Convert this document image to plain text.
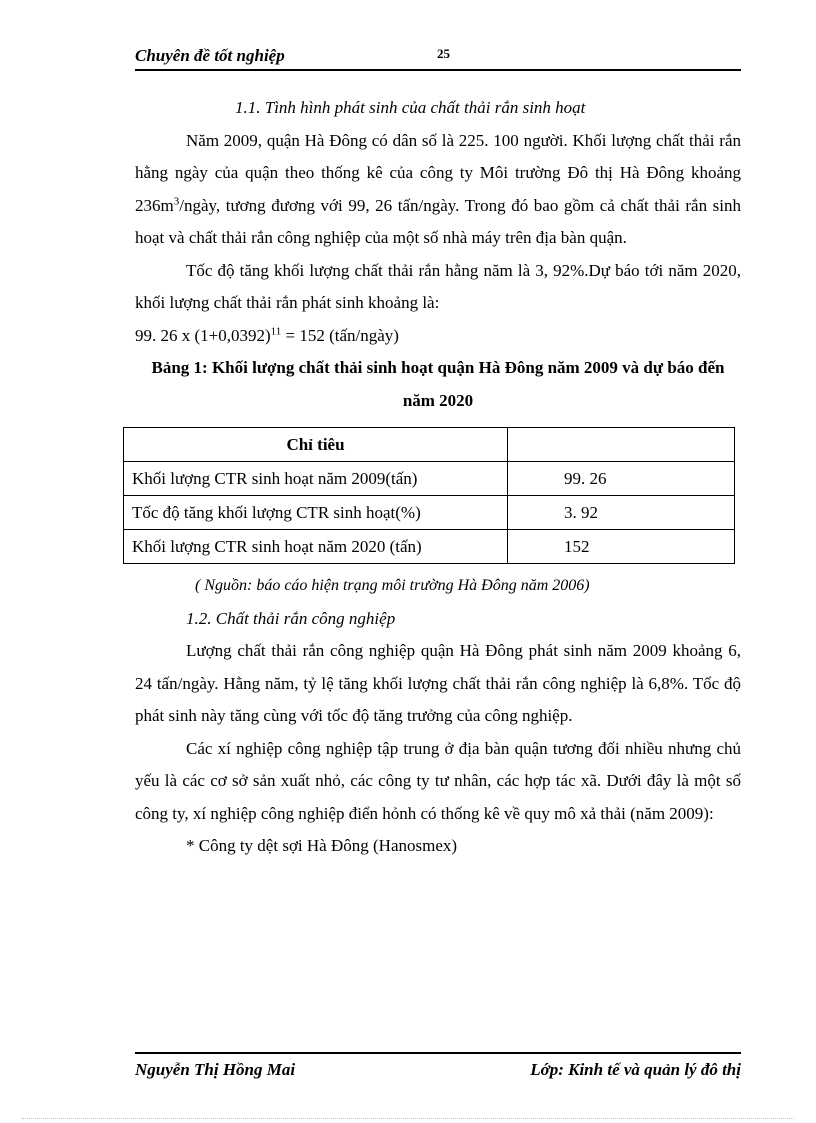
Chuyên đề tốt nghiệp	25

1.1. Tình hình phát sinh của chất thải rắn sinh hoạt

Năm 2009, quận Hà Đông có dân số là 225. 100 người. Khối lượng chất thải rắn hằng ngày của quận theo thống kê của công ty Môi trường Đô thị Hà Đông khoảng $236m^3$/ngày, tương đương với 99, 26 tấn/ngày. Trong đó bao gồm cả chất thải rắn sinh hoạt và chất thải rắn công nghiệp của một số nhà máy trên địa bàn quận.

Tốc độ tăng khối lượng chất thải rắn hằng năm là 3, 92%.Dự báo tới năm 2020, khối lượng chất thải rắn phát sinh khoảng là:

99. 26 x $(1+0,0392)^{11} = 152$ (tấn/ngày)

Bảng 1: Khối lượng chất thải sinh hoạt quận Hà Đông năm 2009 và dự báo đến năm 2020

Chỉ tiêu	
Khối lượng CTR sinh hoạt năm 2009(tấn)	99. 26
Tốc độ tăng khối lượng CTR sinh hoạt(%)	3. 92
Khối lượng CTR sinh hoạt năm 2020 (tấn)	152

( Nguồn: báo cáo hiện trạng môi trường Hà Đông năm 2006)

1.2. Chất thải rắn công nghiệp

Lượng chất thải rắn công nghiệp quận Hà Đông phát sinh năm 2009 khoảng 6, 24 tấn/ngày. Hằng năm, tỷ lệ tăng khối lượng chất thải rắn công nghiệp là 6,8%. Tốc độ phát sinh này tăng cùng với tốc độ tăng trưởng của công nghiệp.

Các xí nghiệp công nghiệp tập trung ở địa bàn quận tương đối nhiều nhưng chủ yếu là các cơ sở sản xuất nhỏ, các công ty tư nhân, các hợp tác xã. Dưới đây là một số công ty, xí nghiệp công nghiệp điển hỏnh có thống kê về quy mô xả thải (năm 2009):

* Công ty dệt sợi Hà Đông (Hanosmex)

Nguyễn Thị Hồng Mai	Lớp: Kinh tế và quản lý đô thị
